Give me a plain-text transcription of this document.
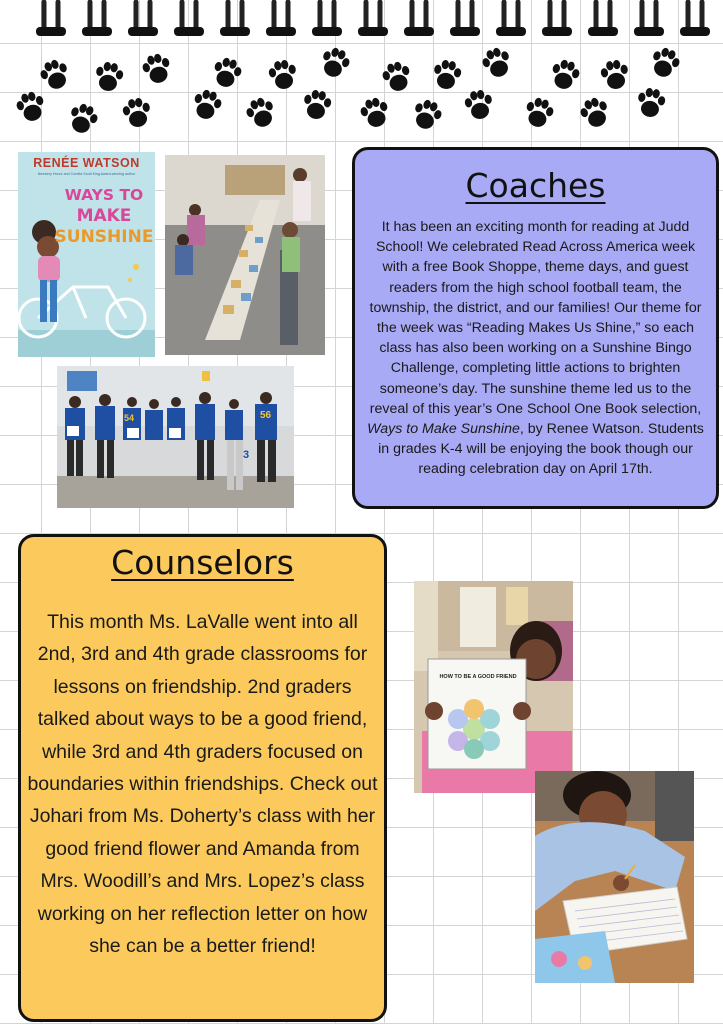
RENÉE WATSON
Newbery Honor and Coretta Scott King Award-winning author
WAYS TO
MAKE
SUNSHINE
54
3
56
Coaches
It has been an exciting month for reading at Judd School! We celebrated Read Across America week with a free Book Shoppe, theme days, and guest readers from the high school football team, the township, the district, and our families! Our theme for the week was “Reading Makes Us Shine,” so each class has also been working on a Sunshine Bingo Challenge, completing little actions to brighten someone’s day. The sunshine theme led us to the reveal of this year’s One School One Book selection, Ways to Make Sunshine, by Renee Watson. Students in grades K-4 will be enjoying the book though our reading celebration day on April 17th.
Counselors
This month Ms. LaValle went into all 2nd, 3rd and 4th grade classrooms for lessons on friendship. 2nd graders talked about ways to be a good friend, while 3rd and 4th graders focused on boundaries within friendships. Check out Johari from Ms. Doherty’s class with her good friend flower and Amanda from Mrs. Woodill’s and Mrs. Lopez’s class working on her reflection letter on how she can be a better friend!
HOW TO BE A GOOD FRIEND
